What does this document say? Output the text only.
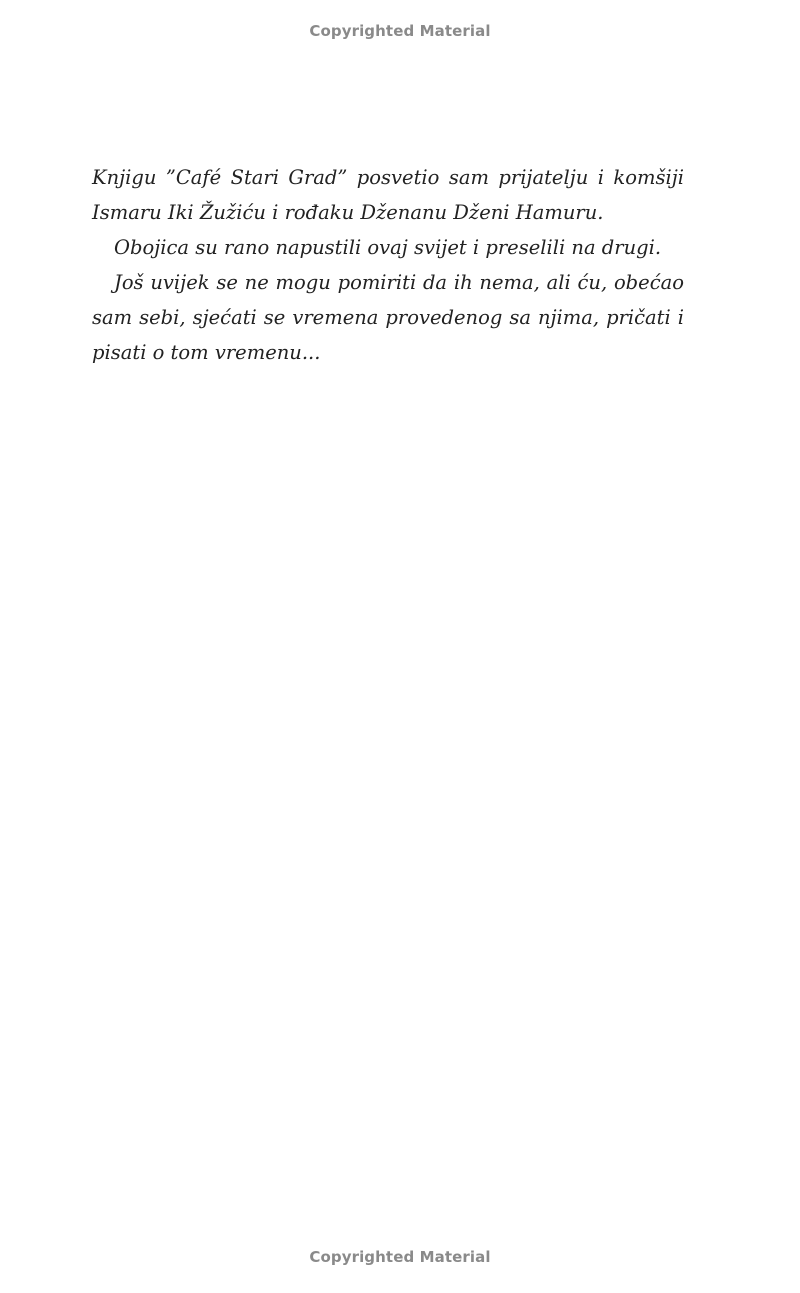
Copyrighted Material

Knjigu ”Café Stari Grad” posvetio sam prijatelju i komšiji Ismaru Iki Žužiću i rođaku Dženanu Dženi Hamuru.

Obojica su rano napustili ovaj svijet i preselili na drugi.

Još uvijek se ne mogu pomiriti da ih nema, ali ću, obećao sam sebi, sjećati se vremena provedenog sa njima, pričati i pisati o tom vremenu...

Copyrighted Material
